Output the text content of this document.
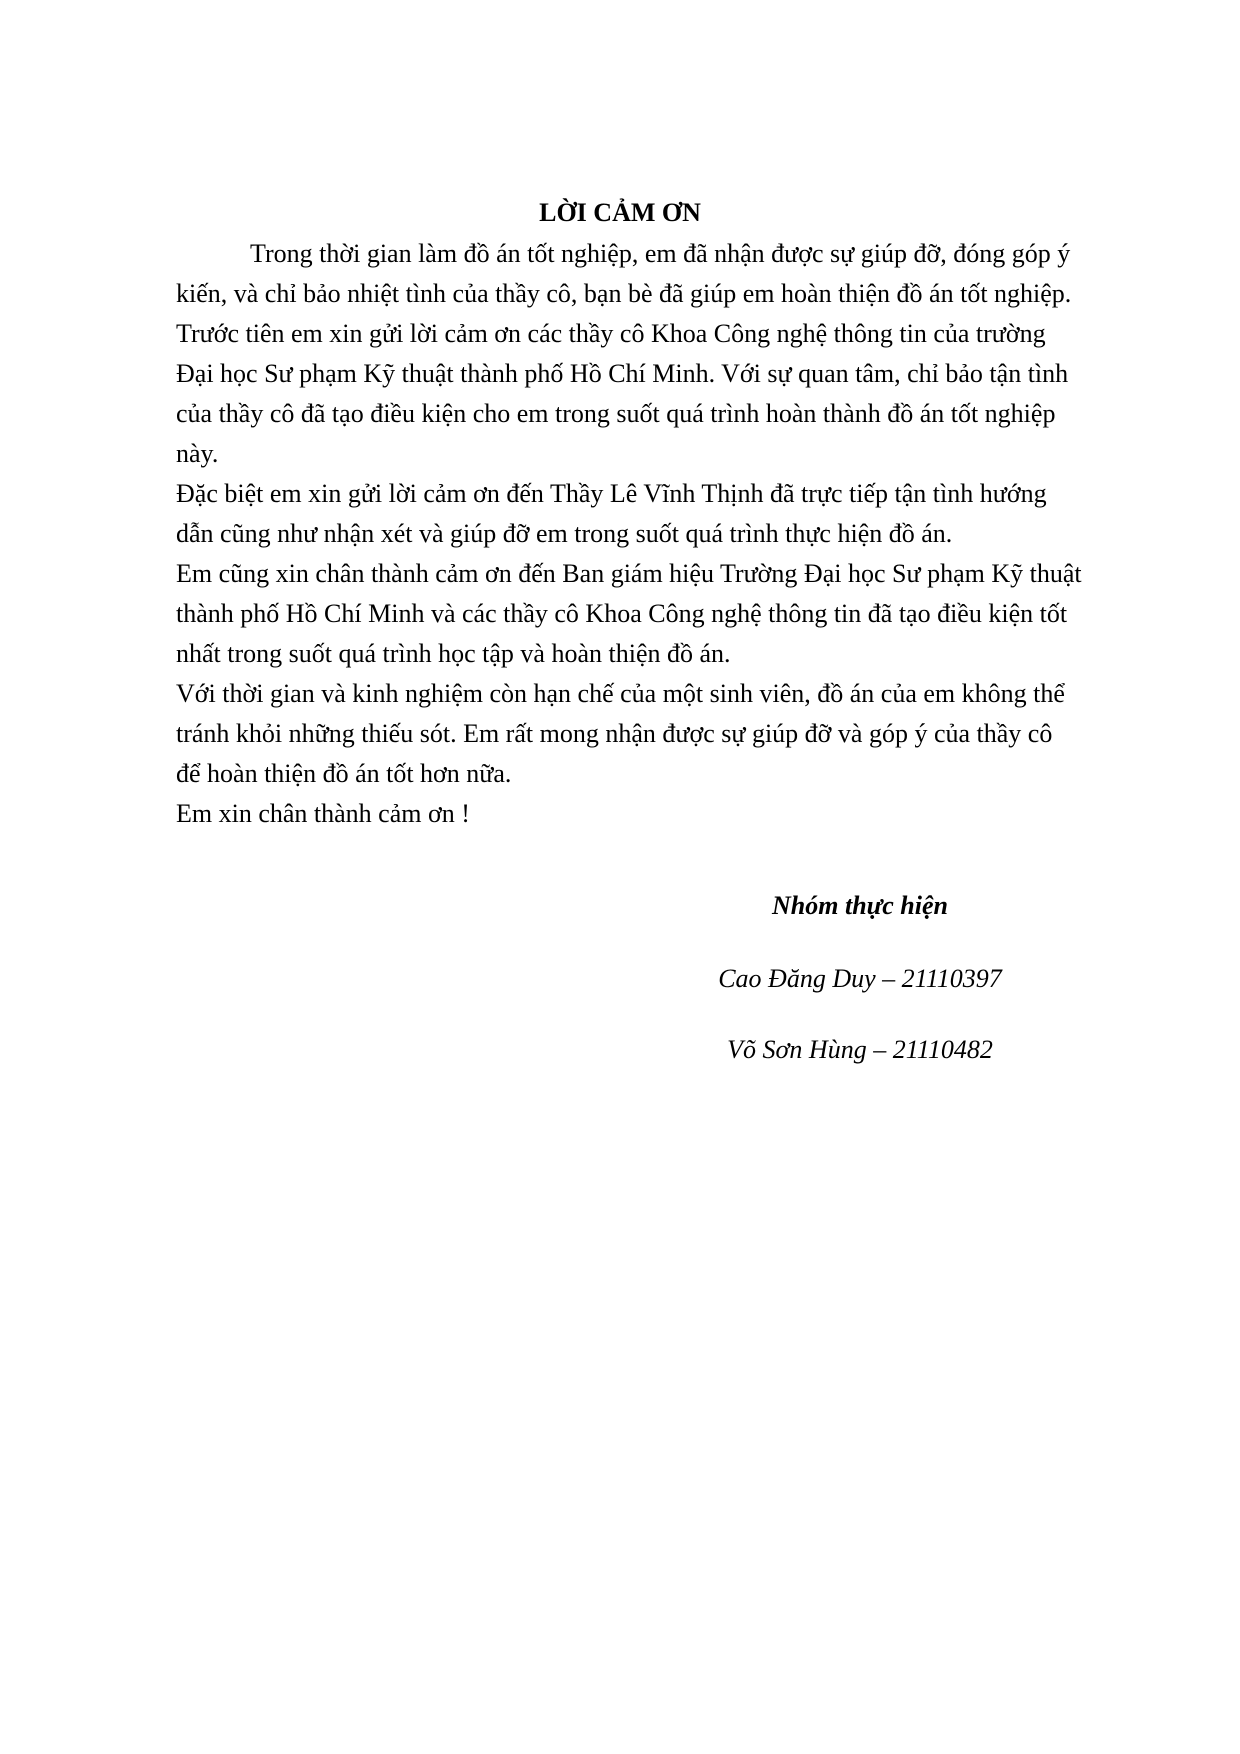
LỜI CẢM ƠN

Trong thời gian làm đồ án tốt nghiệp, em đã nhận được sự giúp đỡ, đóng góp ý
kiến, và chỉ bảo nhiệt tình của thầy cô, bạn bè đã giúp em hoàn thiện đồ án tốt nghiệp.
Trước tiên em xin gửi lời cảm ơn các thầy cô Khoa Công nghệ thông tin của trường
Đại học Sư phạm Kỹ thuật thành phố Hồ Chí Minh. Với sự quan tâm, chỉ bảo tận tình
của thầy cô đã tạo điều kiện cho em trong suốt quá trình hoàn thành đồ án tốt nghiệp
này.

Đặc biệt em xin gửi lời cảm ơn đến Thầy Lê Vĩnh Thịnh đã trực tiếp tận tình hướng
dẫn cũng như nhận xét và giúp đỡ em trong suốt quá trình thực hiện đồ án.

Em cũng xin chân thành cảm ơn đến Ban giám hiệu Trường Đại học Sư phạm Kỹ thuật
thành phố Hồ Chí Minh và các thầy cô Khoa Công nghệ thông tin đã tạo điều kiện tốt
nhất trong suốt quá trình học tập và hoàn thiện đồ án.

Với thời gian và kinh nghiệm còn hạn chế của một sinh viên, đồ án của em không thể
tránh khỏi những thiếu sót. Em rất mong nhận được sự giúp đỡ và góp ý của thầy cô
để hoàn thiện đồ án tốt hơn nữa.

Em xin chân thành cảm ơn !

Nhóm thực hiện
Cao Đăng Duy – 21110397
Võ Sơn Hùng – 21110482
